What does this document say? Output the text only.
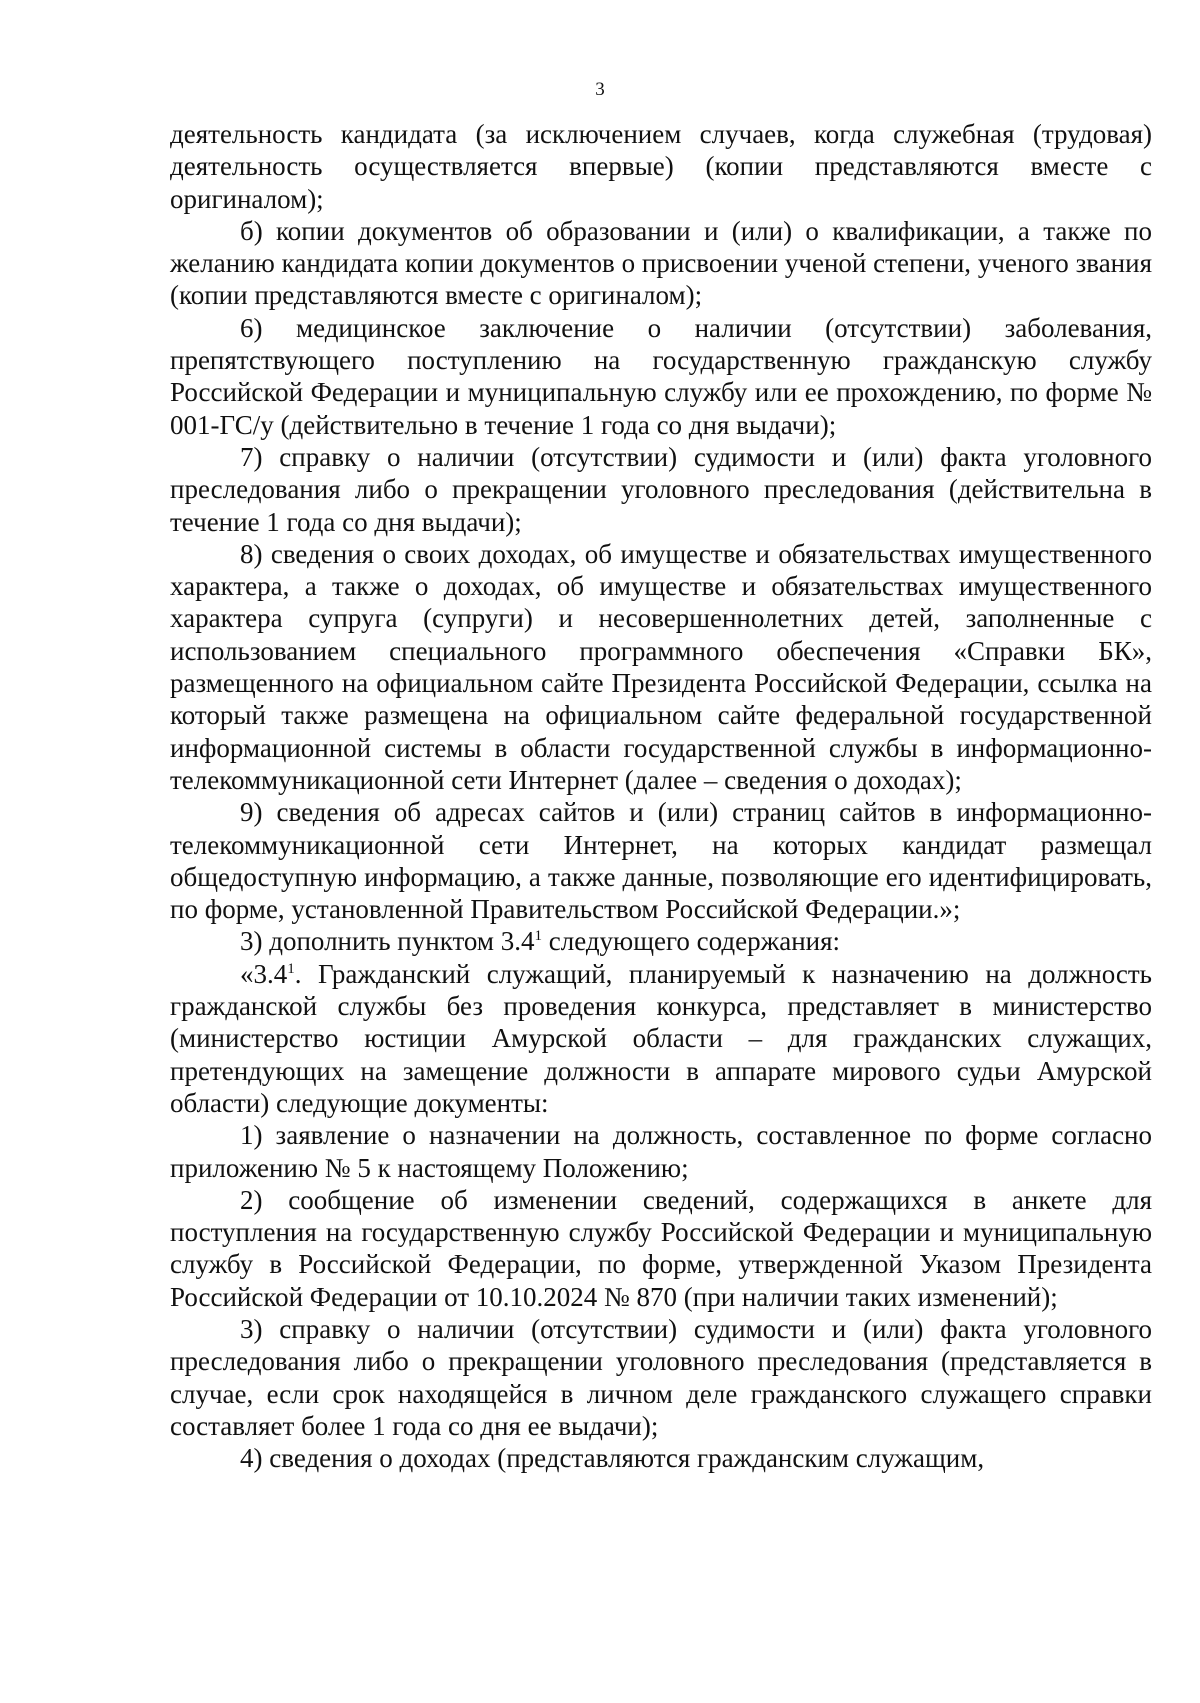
3

деятельность кандидата (за исключением случаев, когда служебная (трудовая) деятельность осуществляется впервые) (копии представляются вместе с оригиналом);

б) копии документов об образовании и (или) о квалификации, а также по желанию кандидата копии документов о присвоении ученой степени, ученого звания (копии представляются вместе с оригиналом);

6) медицинское заключение о наличии (отсутствии) заболевания, препятствующего поступлению на государственную гражданскую службу Российской Федерации и муниципальную службу или ее прохождению, по форме № 001-ГС/у (действительно в течение 1 года со дня выдачи);

7) справку о наличии (отсутствии) судимости и (или) факта уголовного преследования либо о прекращении уголовного преследования (действительна в течение 1 года со дня выдачи);

8) сведения о своих доходах, об имуществе и обязательствах имущественного характера, а также о доходах, об имуществе и обязательствах имущественного характера супруга (супруги) и несовершеннолетних детей, заполненные с использованием специального программного обеспечения «Справки БК», размещенного на официальном сайте Президента Российской Федерации, ссылка на который также размещена на официальном сайте федеральной государственной информационной системы в области государственной службы в информационно-телекоммуникационной сети Интернет (далее – сведения о доходах);

9) сведения об адресах сайтов и (или) страниц сайтов в информационно-телекоммуникационной сети Интернет, на которых кандидат размещал общедоступную информацию, а также данные, позволяющие его идентифицировать, по форме, установленной Правительством Российской Федерации.»;

3) дополнить пунктом $3.4^1$ следующего содержания:

«$3.4^1$. Гражданский служащий, планируемый к назначению на должность гражданской службы без проведения конкурса, представляет в министерство (министерство юстиции Амурской области – для гражданских служащих, претендующих на замещение должности в аппарате мирового судьи Амурской области) следующие документы:

1) заявление о назначении на должность, составленное по форме согласно приложению № 5 к настоящему Положению;

2) сообщение об изменении сведений, содержащихся в анкете для поступления на государственную службу Российской Федерации и муниципальную службу в Российской Федерации, по форме, утвержденной Указом Президента Российской Федерации от 10.10.2024 № 870 (при наличии таких изменений);

3) справку о наличии (отсутствии) судимости и (или) факта уголовного преследования либо о прекращении уголовного преследования (представляется в случае, если срок находящейся в личном деле гражданского служащего справки составляет более 1 года со дня ее выдачи);

4) сведения о доходах (представляются гражданским служащим,
